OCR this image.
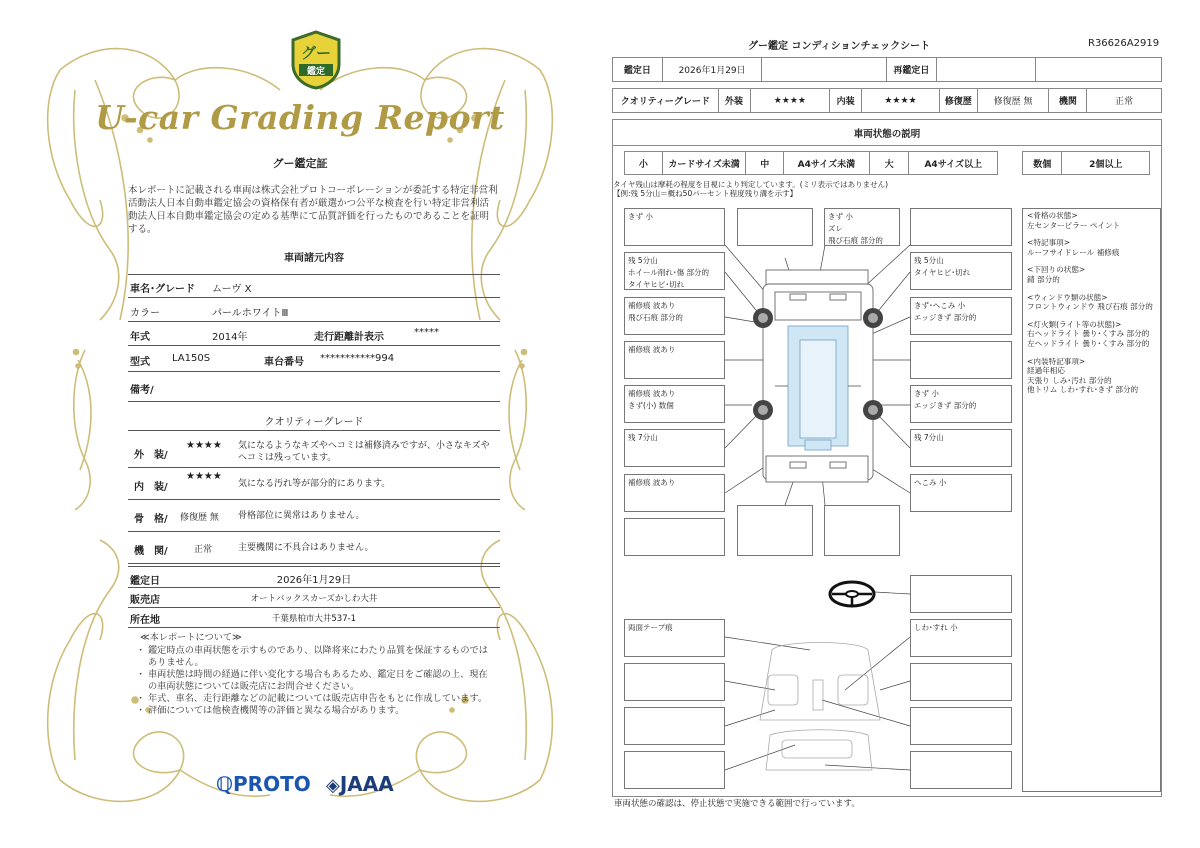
グー
鑑定
U-car Grading Report
グー鑑定証
本レポートに記載される車両は株式会社プロトコーポレーションが委託する特定非営利活動法人日本自動車鑑定協会の資格保有者が厳選かつ公平な検査を行い特定非営利活動法人日本自動車鑑定協会の定める基準にて品質評価を行ったものであることを証明する。
車両諸元内容
車名･グレード ムーヴ X
カラー	パールホワイトⅢ
年式	2014年	走行距離計表示	*****
型式 LA150S	車台番号 ***********994
備考/
クオリティーグレード
外　装/
★★★★ 気になるようなキズやヘコミは補修済みですが、小さなキズやヘコミは残っています。
内　装/
★★★★
気になる汚れ等が部分的にあります。
骨　格/ 修復歴 無 骨格部位に異常はありません。
機　関/	正常	主要機関に不具合はありません。
鑑定日	2026年1月29日
販売店	オートバックスカーズかしわ大井
所在地	千葉県柏市大井537-1
≪本レポートについて≫
・ 鑑定時点の車両状態を示すものであり、以降将来にわたり品質を保証するものではありません。
・ 車両状態は時間の経過に伴い変化する場合もあるため、鑑定日をご確認の上、現在の車両状態については販売店にお問合せください。
・ 年式、車名、走行距離などの記載については販売店申告をもとに作成しています。
・ 評価については他検査機関等の評価と異なる場合があります。
ℚPROTO ◈JAAA
グー鑑定 コンディションチェックシート	R36626A2919
鑑定日	2026年1月29日	再鑑定日
クオリティーグレード	外装	★★★★	内装	★★★★	修復歴	修復歴 無	機関	正常
車両状態の説明
小	カードサイズ未満	中	A4サイズ未満	大	A4サイズ以上	数個	2個以上
タイヤ残山は摩耗の程度を目視により判定しています。(ミリ表示ではありません)
【例:残 5分山＝概ね50パーセント程度残り溝を示す】
きず 小	きず 小
ズレ
飛び石痕 部分的
残 5分山
ホイール削れ･傷 部分的
タイヤヒビ･切れ
残 5分山
タイヤヒビ･切れ
補修痕 波あり
飛び石痕 部分的
きず･へこみ 小
エッジきず 部分的
補修痕 波あり
補修痕 波あり
きず(小) 数個
きず 小
エッジきず 部分的
残 7分山	残 7分山
補修痕 波あり	へこみ 小
両面テープ痕	しわ･すれ 小
<骨格の状態>
左センターピラー ペイント
<特記事項>
ルーフサイドレール 補修痕
<下回りの状態>
錆 部分的
<ウィンドウ類の状態>
フロントウィンドウ 飛び石痕 部分的
<灯火類(ライト等の状態)>
右ヘッドライト 曇り･くすみ 部分的
左ヘッドライト 曇り･くすみ 部分的
<内装特記事項>
経過年相応
天張り しみ･汚れ 部分的
他トリム しわ･すれ･きず 部分的
車両状態の確認は、停止状態で実施できる範囲で行っています。
